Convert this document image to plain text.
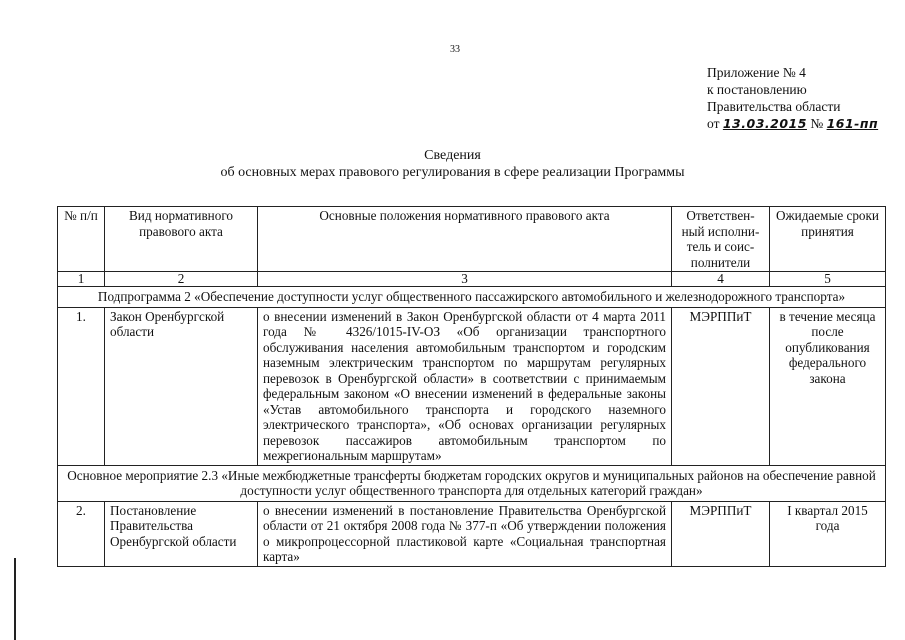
33
Приложение № 4
к постановлению
Правительства области
от 13.03.2015 № 161-пп
Сведения
об основных мерах правового регулирования в сфере реализации Программы
№ п/п	Вид нормативного правового акта	Основные положения нормативного правового акта	Ответствен- ный исполни- тель и соис- полнители	Ожидаемые сроки принятия
1	2	3	4	5
Подпрограмма 2 «Обеспечение доступности услуг общественного пассажирского автомобильного и железнодорожного транспорта»				
1.	Закон Оренбургской области	о внесении изменений в Закон Оренбургской области от 4 марта 2011 года № 4326/1015-IV-ОЗ «Об организации транспортного обслуживания населения автомобильным транспортом и городским наземным электрическим транспортом по маршрутам регулярных перевозок в Оренбургской области» в соответствии с принимаемым федеральным законом «О внесении изменений в федеральные законы «Устав автомобильного транспорта и городского наземного электрического транспорта», «Об основах организации регулярных перевозок пассажиров автомобильным транспортом по межрегиональным маршрутам»	МЭРППиТ	в течение месяца после опубликования федерального закона
Основное мероприятие 2.3 «Иные межбюджетные трансферты бюджетам городских округов и муниципальных районов на обеспечение равной доступности услуг общественного транспорта для отдельных категорий граждан»				
2.	Постановление Правительства Оренбургской области	о внесении изменений в постановление Правительства Оренбургской области от 21 октября 2008 года № 377-п «Об утверждении положения о микропроцессорной пластиковой карте «Социальная транспортная карта»	МЭРППиТ	I квартал 2015 года
